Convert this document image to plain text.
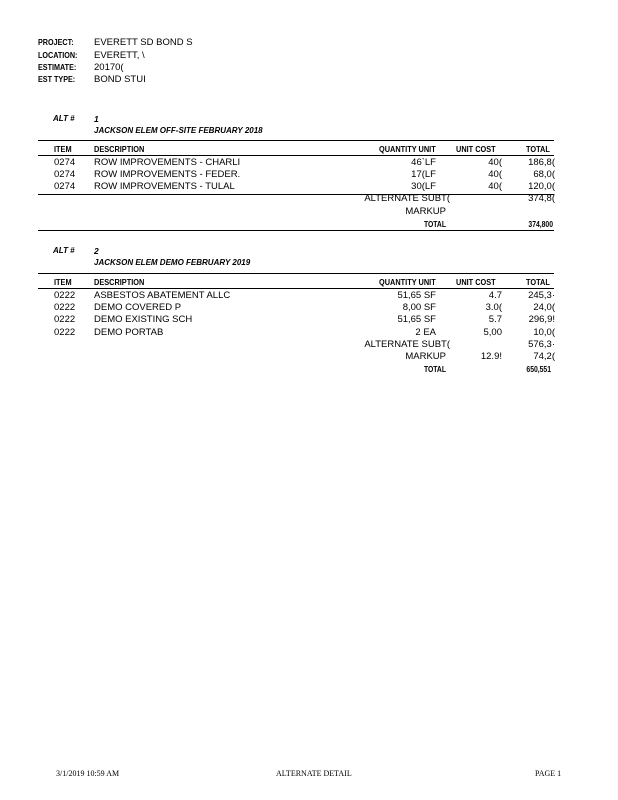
PROJECT: EVERETT SD BOND S
LOCATION: EVERETT, \
ESTIMATE: 20170(
EST TYPE: BOND STUI
ALT # 1
JACKSON ELEM OFF-SITE FEBRUARY 2018
ITEM	DESCRIPTION	QUANTITY UNIT	UNIT COST	TOTAL
0274 ROW IMPROVEMENTS - CHARLI	46`LF	40(	186,8(
0274 ROW IMPROVEMENTS - FEDER.	17(LF	40(	68,0(
0274 ROW IMPROVEMENTS - TULAL	30(LF	40(	120,0(
ALTERNATE SUBT(	374,8(
MARKUP
TOTAL	374,800
ALT # 2
JACKSON ELEM DEMO FEBRUARY 2019
ITEM	DESCRIPTION	QUANTITY UNIT	UNIT COST	TOTAL
0222 ASBESTOS ABATEMENT ALLC	51,65 SF	4.7	245,3·
0222 DEMO COVERED P	8,00 SF	3.0(	24,0(
0222 DEMO EXISTING SCH	51,65 SF	5.7	296,9!
0222 DEMO PORTAB	2 EA	5,00	10,0(
ALTERNATE SUBT(	576,3·
MARKUP	12.9!	74,2(
TOTAL	650,551
3/1/2019 10:59 AM	ALTERNATE DETAIL	PAGE 1
